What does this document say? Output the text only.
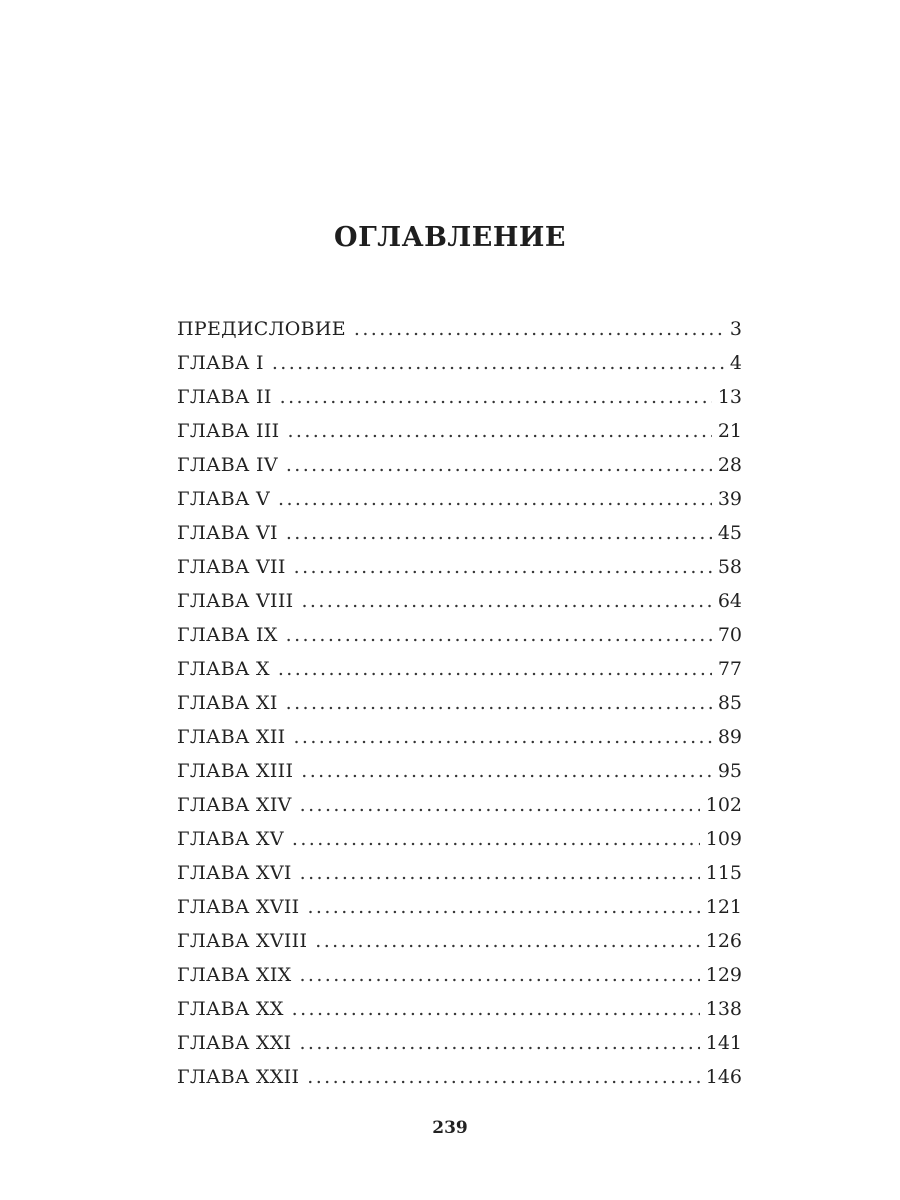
ОГЛАВЛЕНИЕ
ПРЕДИСЛОВИЕ .....	3
ГЛАВА I .....	4
ГЛАВА II .....	13
ГЛАВА III .....	21
ГЛАВА IV .....	28
ГЛАВА V .....	39
ГЛАВА VI .....	45
ГЛАВА VII .....	58
ГЛАВА VIII .....	64
ГЛАВА IX .....	70
ГЛАВА X .....	77
ГЛАВА XI .....	85
ГЛАВА XII .....	89
ГЛАВА XIII .....	95
ГЛАВА XIV .....	102
ГЛАВА XV .....	109
ГЛАВА XVI .....	115
ГЛАВА XVII .....	121
ГЛАВА XVIII .....	126
ГЛАВА XIX .....	129
ГЛАВА XX .....	138
ГЛАВА XXI .....	141
ГЛАВА XXII .....	146
239
